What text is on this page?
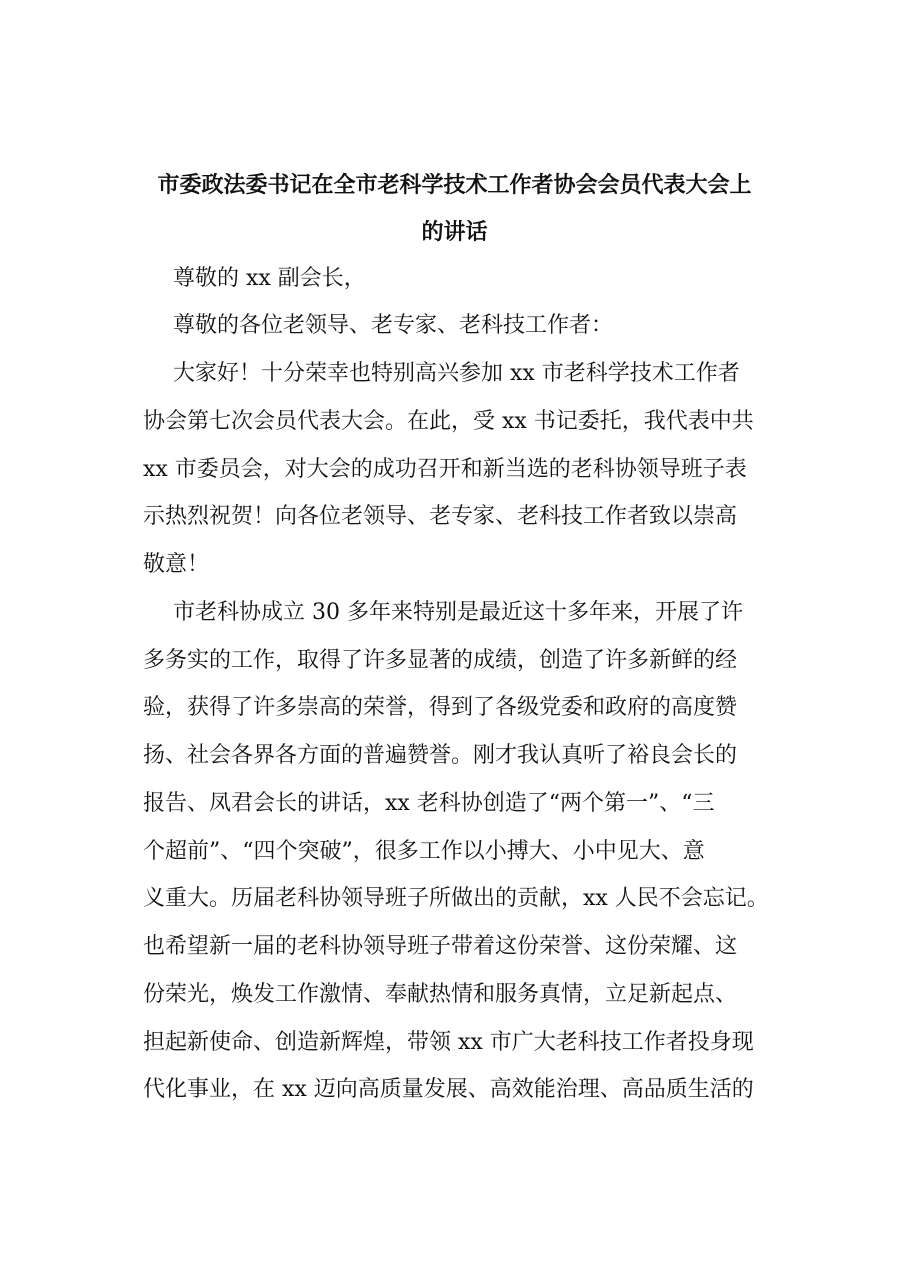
市委政法委书记在全市老科学技术工作者协会会员代表大会上
的讲话
尊敬的 xx 副会长，
尊敬的各位老领导、老专家、老科技工作者：
大家好！十分荣幸也特别高兴参加 xx 市老科学技术工作者
协会第七次会员代表大会。在此，受 xx 书记委托，我代表中共
xx 市委员会，对大会的成功召开和新当选的老科协领导班子表
示热烈祝贺！向各位老领导、老专家、老科技工作者致以崇高
敬意！
市老科协成立 30 多年来特别是最近这十多年来，开展了许
多务实的工作，取得了许多显著的成绩，创造了许多新鲜的经
验，获得了许多崇高的荣誉，得到了各级党委和政府的高度赞
扬、社会各界各方面的普遍赞誉。刚才我认真听了裕良会长的
报告、凤君会长的讲话，xx 老科协创造了“两个第一”、“三
个超前”、“四个突破”，很多工作以小搏大、小中见大、意
义重大。历届老科协领导班子所做出的贡献，xx 人民不会忘记。
也希望新一届的老科协领导班子带着这份荣誉、这份荣耀、这
份荣光，焕发工作激情、奉献热情和服务真情，立足新起点、
担起新使命、创造新辉煌，带领 xx 市广大老科技工作者投身现
代化事业，在 xx 迈向高质量发展、高效能治理、高品质生活的
